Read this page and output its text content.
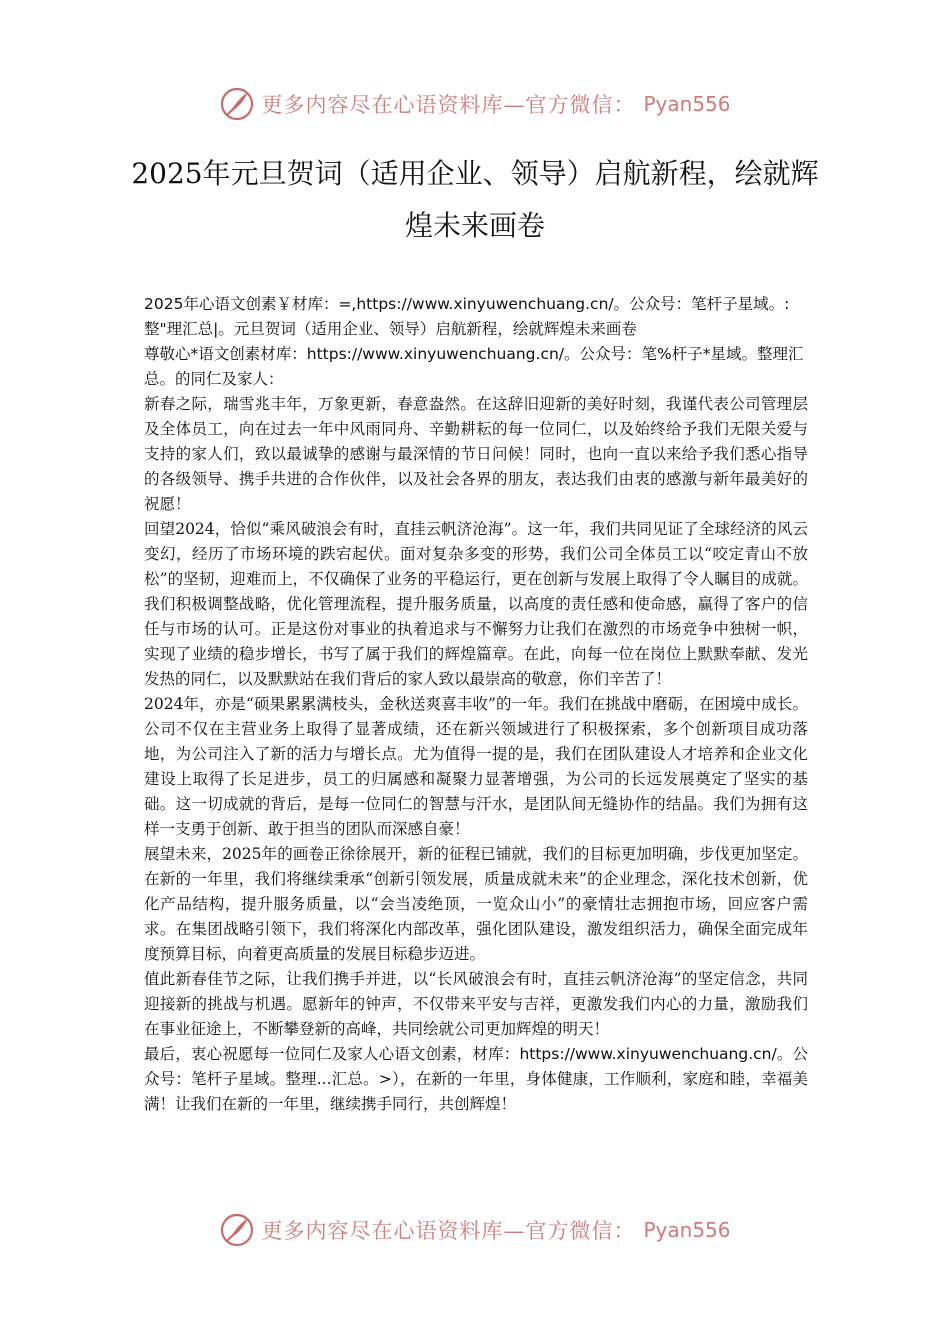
更多内容尽在心语资料库—官方微信： Pyan556
2025年元旦贺词（适用企业、领导）启航新程，绘就辉煌未来画卷

2025年心语文创素￥材库：=,https://www.xinyuwenchuang.cn/。公众号：笔杆子星域。:整"理汇总|。元旦贺词（适用企业、领导）启航新程，绘就辉煌未来画卷

尊敬心*语文创素材库：https://www.xinyuwenchuang.cn/。公众号：笔%杆子*星域。整理汇总。的同仁及家人：

新春之际，瑞雪兆丰年，万象更新，春意盎然。在这辞旧迎新的美好时刻，我谨代表公司管理层及全体员工，向在过去一年中风雨同舟、辛勤耕耘的每一位同仁，以及始终给予我们无限关爱与支持的家人们，致以最诚挚的感谢与最深情的节日问候！同时，也向一直以来给予我们悉心指导的各级领导、携手共进的合作伙伴，以及社会各界的朋友，表达我们由衷的感激与新年最美好的祝愿！

回望2024，恰似“乘风破浪会有时，直挂云帆济沧海”。这一年，我们共同见证了全球经济的风云变幻，经历了市场环境的跌宕起伏。面对复杂多变的形势，我们公司全体员工以“咬定青山不放松”的坚韧，迎难而上，不仅确保了业务的平稳运行，更在创新与发展上取得了令人瞩目的成就。我们积极调整战略，优化管理流程，提升服务质量，以高度的责任感和使命感，赢得了客户的信任与市场的认可。正是这份对事业的执着追求与不懈努力让我们在激烈的市场竞争中独树一帜，实现了业绩的稳步增长，书写了属于我们的辉煌篇章。在此，向每一位在岗位上默默奉献、发光发热的同仁，以及默默站在我们背后的家人致以最崇高的敬意，你们辛苦了！

2024年，亦是“硕果累累满枝头，金秋送爽喜丰收”的一年。我们在挑战中磨砺，在困境中成长。公司不仅在主营业务上取得了显著成绩，还在新兴领域进行了积极探索，多个创新项目成功落地，为公司注入了新的活力与增长点。尤为值得一提的是，我们在团队建设人才培养和企业文化建设上取得了长足进步，员工的归属感和凝聚力显著增强，为公司的长远发展奠定了坚实的基础。这一切成就的背后，是每一位同仁的智慧与汗水，是团队间无缝协作的结晶。我们为拥有这样一支勇于创新、敢于担当的团队而深感自豪！

展望未来，2025年的画卷正徐徐展开，新的征程已铺就，我们的目标更加明确，步伐更加坚定。在新的一年里，我们将继续秉承“创新引领发展，质量成就未来”的企业理念，深化技术创新，优化产品结构，提升服务质量，以“会当凌绝顶，一览众山小”的豪情壮志拥抱市场，回应客户需求。在集团战略引领下，我们将深化内部改革，强化团队建设，激发组织活力，确保全面完成年度预算目标，向着更高质量的发展目标稳步迈进。

值此新春佳节之际，让我们携手并进，以“长风破浪会有时，直挂云帆济沧海”的坚定信念，共同迎接新的挑战与机遇。愿新年的钟声，不仅带来平安与吉祥，更激发我们内心的力量，激励我们在事业征途上，不断攀登新的高峰，共同绘就公司更加辉煌的明天！

最后，衷心祝愿每一位同仁及家人心语文创素，材库：https://www.xinyuwenchuang.cn/。公众号：笔杆子星域。整理...汇总。>），在新的一年里，身体健康，工作顺利，家庭和睦，幸福美满！让我们在新的一年里，继续携手同行，共创辉煌！

更多内容尽在心语资料库—官方微信： Pyan556
